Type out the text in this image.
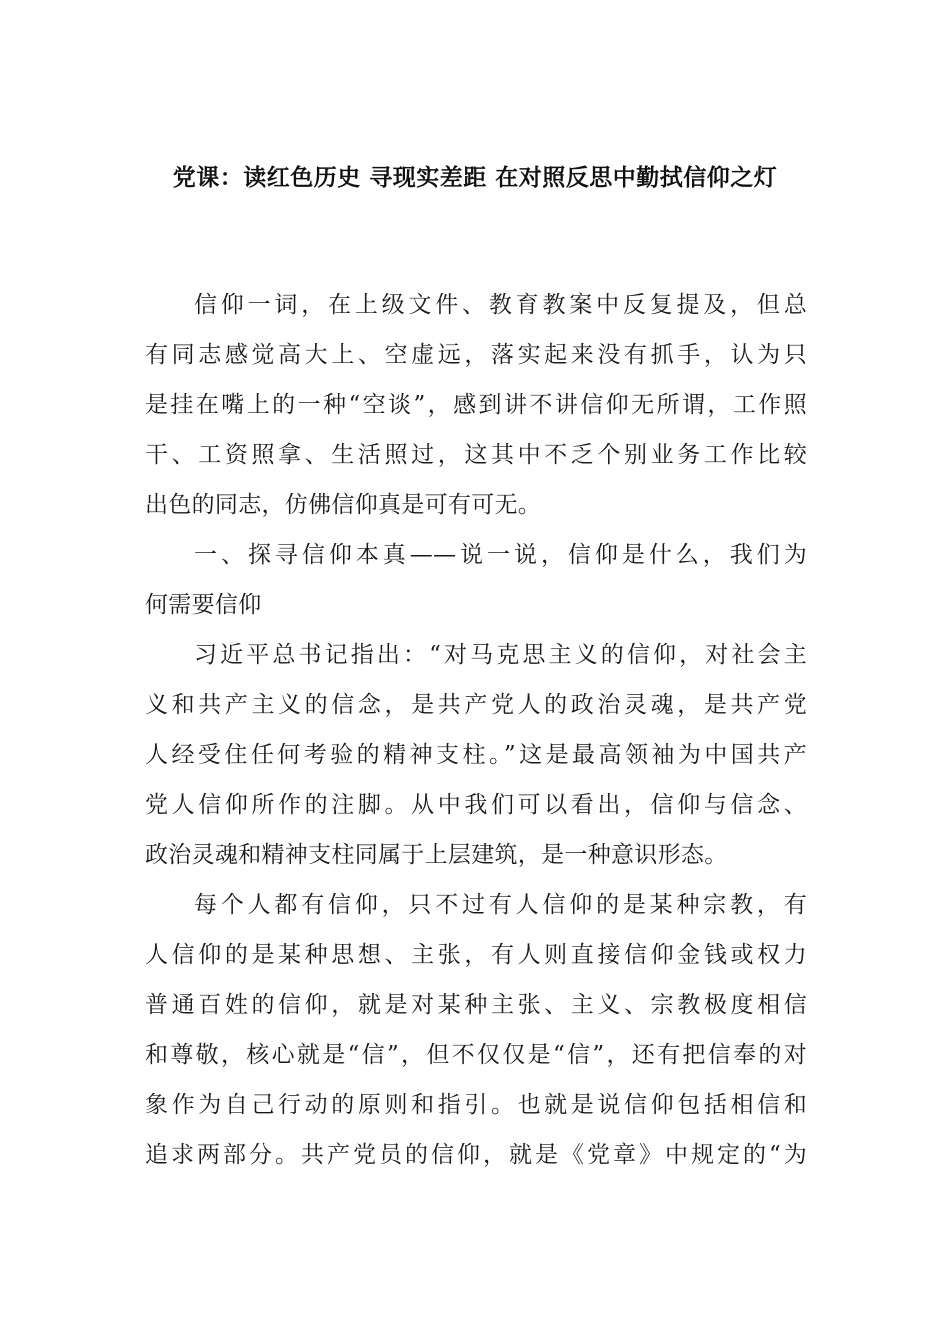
党课：读红色历史 寻现实差距 在对照反思中勤拭信仰之灯
信仰一词，在上级文件、教育教案中反复提及，但总
有同志感觉高大上、空虚远，落实起来没有抓手，认为只
是挂在嘴上的一种“空谈”，感到讲不讲信仰无所谓，工作照
干、工资照拿、生活照过，这其中不乏个别业务工作比较
出色的同志，仿佛信仰真是可有可无。
一、探寻信仰本真——说一说，信仰是什么，我们为
何需要信仰
习近平总书记指出：“对马克思主义的信仰，对社会主
义和共产主义的信念，是共产党人的政治灵魂，是共产党
人经受住任何考验的精神支柱。”这是最高领袖为中国共产
党人信仰所作的注脚。从中我们可以看出，信仰与信念、
政治灵魂和精神支柱同属于上层建筑，是一种意识形态。
每个人都有信仰，只不过有人信仰的是某种宗教，有
人信仰的是某种思想、主张，有人则直接信仰金钱或权力
普通百姓的信仰，就是对某种主张、主义、宗教极度相信
和尊敬，核心就是“信”，但不仅仅是“信”，还有把信奉的对
象作为自己行动的原则和指引。也就是说信仰包括相信和
追求两部分。共产党员的信仰，就是《党章》中规定的“为
